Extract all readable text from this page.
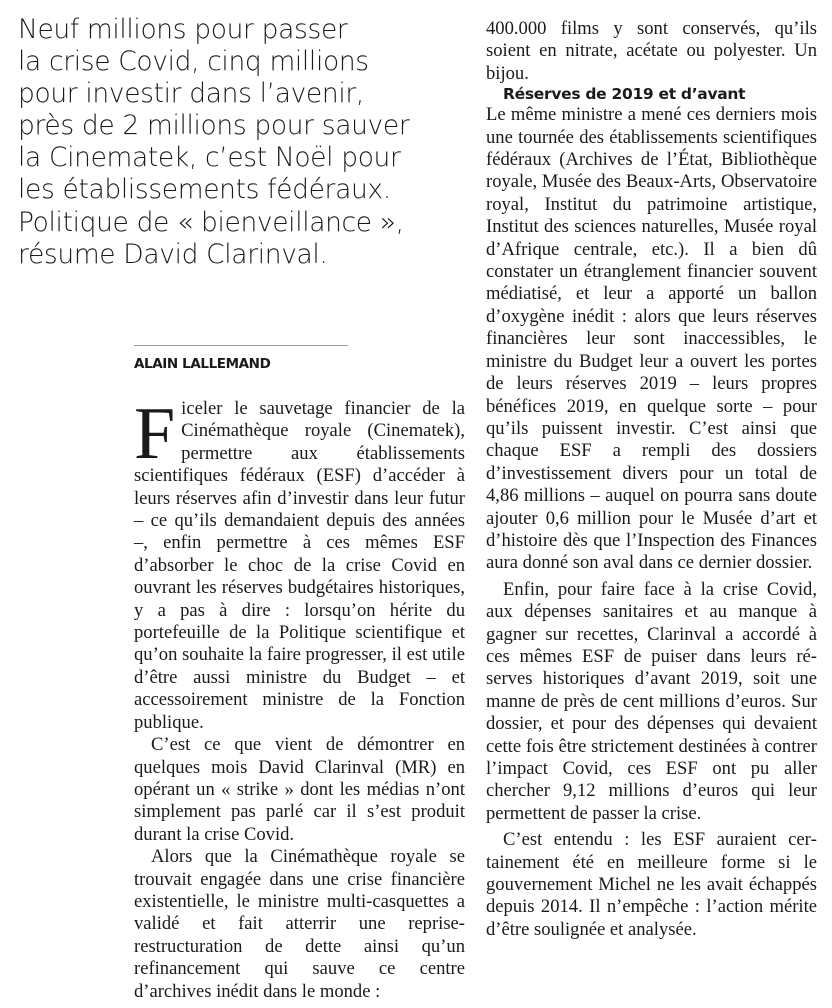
Neuf millions pour passer
la crise Covid, cinq millions
pour investir dans l’avenir,
près de 2 millions pour sauver
la Cinematek, c’est Noël pour
les établissements fédéraux.
Politique de « bienveillance »,
résume David Clarinval.

ALAIN LALLEMAND

Ficeler le sauvetage financier de la Cinémathèque royale (Cinematek), permettre aux établissements scientifiques fédéraux (ESF) d’accéder à leurs réserves afin d’investir dans leur futur – ce qu’ils demandaient depuis des années –, enfin permettre à ces mêmes ESF d’absorber le choc de la crise Covid en ouvrant les réserves budgétaires historiques, y a pas à dire : lorsqu’on hérite du portefeuille de la Politique scientifique et qu’on souhaite la faire progresser, il est utile d’être aussi ministre du Budget – et accessoirement ministre de la Fonction publique.

C’est ce que vient de démontrer en quelques mois David Clarinval (MR) en opérant un « strike » dont les médias n’ont simplement pas parlé car il s’est produit durant la crise Covid.

Alors que la Cinémathèque royale se trouvait engagée dans une crise financière existentielle, le ministre multi-casquettes a validé et fait atterrir une reprise-restructuration de dette ainsi qu’un refinancement qui sauve ce centre d’archives inédit dans le monde :

400.000 films y sont conservés, qu’ils soient en nitrate, acétate ou polyester. Un bijou.

Réserves de 2019 et d’avant

Le même ministre a mené ces derniers mois une tournée des établissements scientifiques fédéraux (Archives de l’État, Bibliothèque royale, Musée des Beaux-Arts, Observatoire royal, Institut du patrimoine artistique, Institut des sciences naturelles, Musée royal d’Afrique centrale, etc.). Il a bien dû constater un étranglement financier souvent médiatisé, et leur a apporté un ballon d’oxygène inédit : alors que leurs réserves financières leur sont inaccessibles, le ministre du Budget leur a ouvert les portes de leurs réserves 2019 – leurs propres bénéfices 2019, en quelque sorte – pour qu’ils puissent investir. C’est ainsi que chaque ESF a rempli des dossiers d’investissement divers pour un total de 4,86 millions – auquel on pourra sans doute ajouter 0,6 million pour le Musée d’art et d’histoire dès que l’Inspection des Finances aura donné son aval dans ce dernier dossier.

Enfin, pour faire face à la crise Covid, aux dépenses sanitaires et au manque à gagner sur recettes, Clarinval a accordé à ces mêmes ESF de puiser dans leurs réserves historiques d’avant 2019, soit une manne de près de cent millions d’euros. Sur dossier, et pour des dépenses qui devaient cette fois être strictement destinées à contrer l’impact Covid, ces ESF ont pu aller chercher 9,12 millions d’euros qui leur permettent de passer la crise.

C’est entendu : les ESF auraient certainement été en meilleure forme si le gouvernement Michel ne les avait échappés depuis 2014. Il n’empêche : l’action mérite d’être soulignée et analysée.
